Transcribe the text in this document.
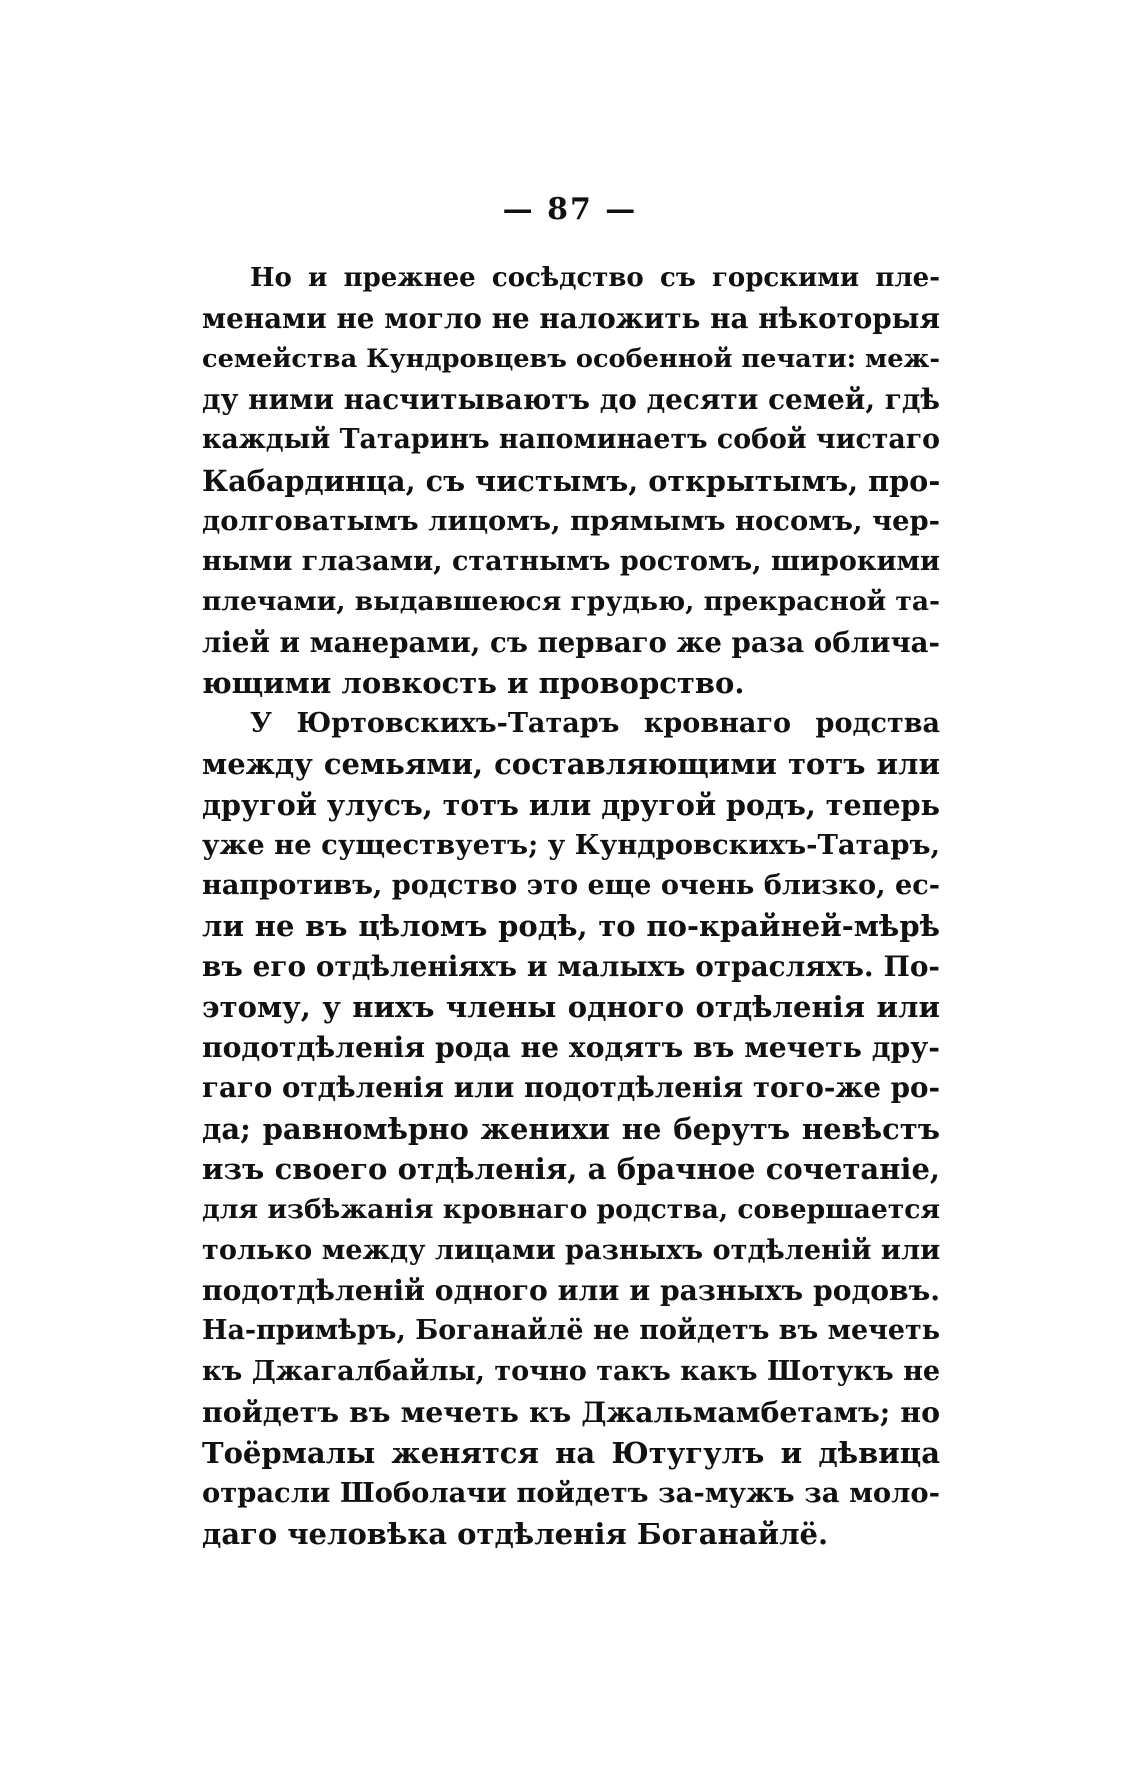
— 87 —
Но и прежнее сосѣдство съ горскими пле-
менами не могло не наложить на нѣкоторыя
семейства Кундровцевъ особенной печати: меж-
ду ними насчитываютъ до десяти семей, гдѣ
каждый Татаринъ напоминаетъ собой чистаго
Кабардинца, съ чистымъ, открытымъ, про-
долговатымъ лицомъ, прямымъ носомъ, чер-
ными глазами, статнымъ ростомъ, широкими
плечами, выдавшеюся грудью, прекрасной та-
ліей и манерами, съ перваго же раза облича-
ющими ловкость и проворство.
У Юртовскихъ-Татаръ кровнаго родства
между семьями, составляющими тотъ или
другой улусъ, тотъ или другой родъ, теперь
уже не существуетъ; у Кундровскихъ-Татаръ,
напротивъ, родство это еще очень близко, ес-
ли не въ цѣломъ родѣ, то по-крайней-мѣрѣ
въ его отдѣленіяхъ и малыхъ отрасляхъ. По-
этому, у нихъ члены одного отдѣленія или
подотдѣленія рода не ходятъ въ мечеть дру-
гаго отдѣленія или подотдѣленія того-же ро-
да; равномѣрно женихи не берутъ невѣстъ
изъ своего отдѣленія, а брачное сочетаніе,
для избѣжанія кровнаго родства, совершается
только между лицами разныхъ отдѣленій или
подотдѣленій одного или и разныхъ родовъ.
На-примѣръ, Боганайлё не пойдетъ въ мечеть
къ Джагалбайлы, точно такъ какъ Шотукъ не
пойдетъ въ мечеть къ Джальмамбетамъ; но
Тоёрмалы женятся на Ютугулъ и дѣвица
отрасли Шоболачи пойдетъ за-мужъ за моло-
даго человѣка отдѣленія Боганайлё.
